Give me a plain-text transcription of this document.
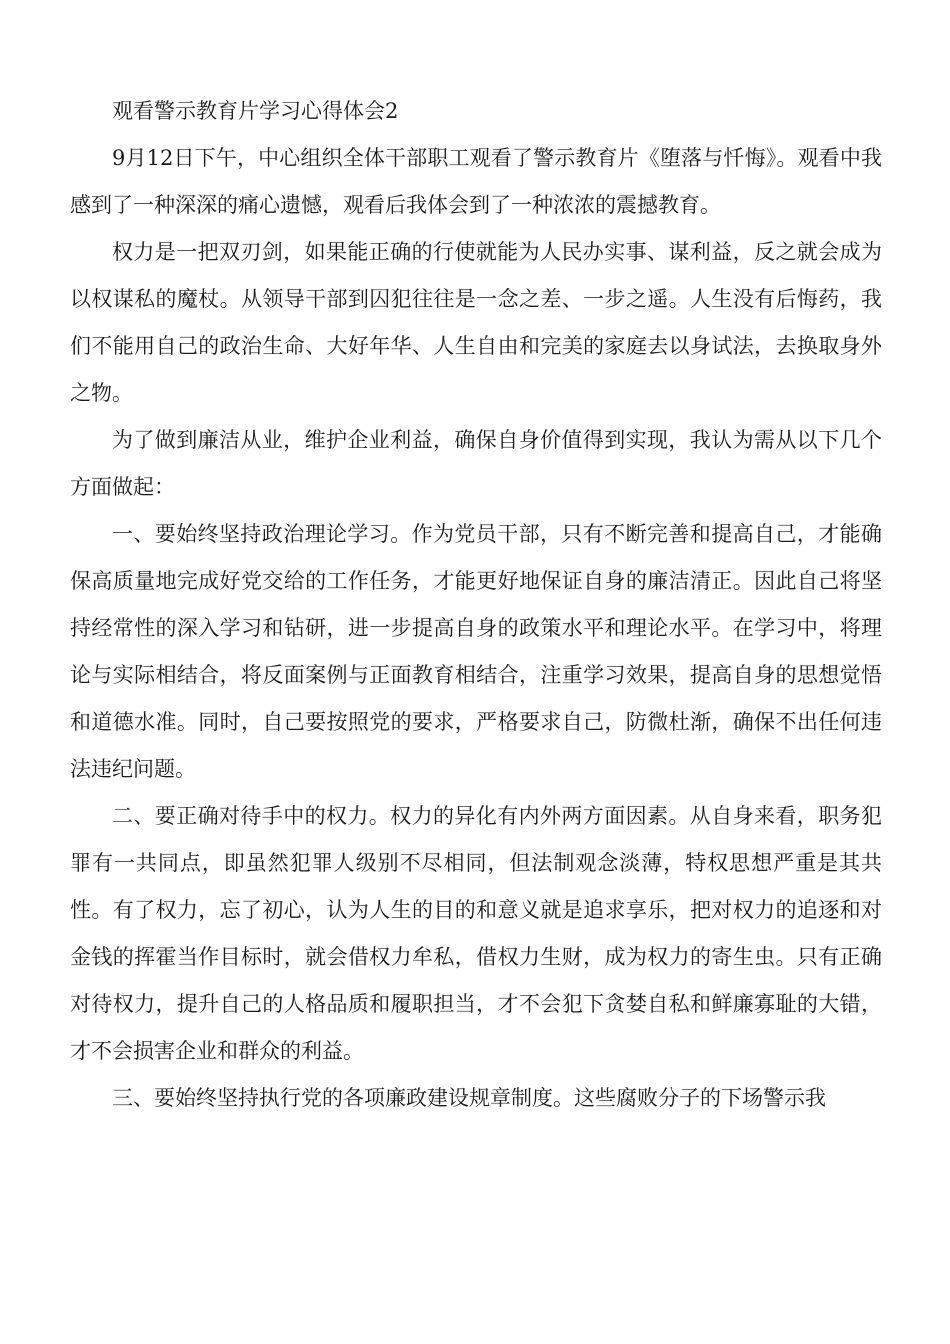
观看警示教育片学习心得体会2

9月12日下午，中心组织全体干部职工观看了警示教育片《堕落与忏悔》。观看中我感到了一种深深的痛心遗憾，观看后我体会到了一种浓浓的震撼教育。

权力是一把双刃剑，如果能正确的行使就能为人民办实事、谋利益，反之就会成为以权谋私的魔杖。从领导干部到囚犯往往是一念之差、一步之遥。人生没有后悔药，我们不能用自己的政治生命、大好年华、人生自由和完美的家庭去以身试法，去换取身外之物。

为了做到廉洁从业，维护企业利益，确保自身价值得到实现，我认为需从以下几个方面做起：

一、要始终坚持政治理论学习。作为党员干部，只有不断完善和提高自己，才能确保高质量地完成好党交给的工作任务，才能更好地保证自身的廉洁清正。因此自己将坚持经常性的深入学习和钻研，进一步提高自身的政策水平和理论水平。在学习中，将理论与实际相结合，将反面案例与正面教育相结合，注重学习效果，提高自身的思想觉悟和道德水准。同时，自己要按照党的要求，严格要求自己，防微杜渐，确保不出任何违法违纪问题。

二、要正确对待手中的权力。权力的异化有内外两方面因素。从自身来看，职务犯罪有一共同点，即虽然犯罪人级别不尽相同，但法制观念淡薄，特权思想严重是其共性。有了权力，忘了初心，认为人生的目的和意义就是追求享乐，把对权力的追逐和对金钱的挥霍当作目标时，就会借权力牟私，借权力生财，成为权力的寄生虫。只有正确对待权力，提升自己的人格品质和履职担当，才不会犯下贪婪自私和鲜廉寡耻的大错，才不会损害企业和群众的利益。

三、要始终坚持执行党的各项廉政建设规章制度。这些腐败分子的下场警示我
